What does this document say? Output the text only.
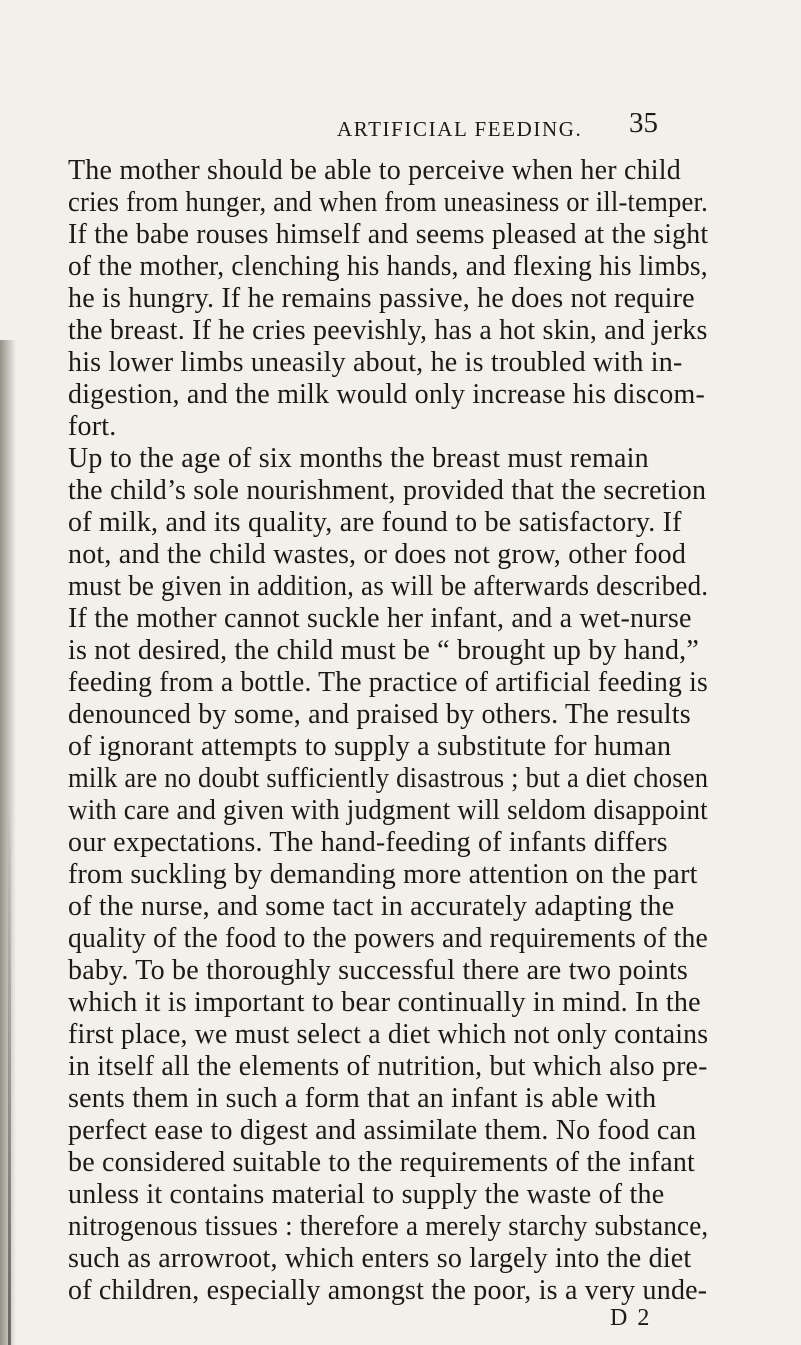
ARTIFICIAL FEEDING. 35
The mother should be able to perceive when her child
cries from hunger, and when from uneasiness or ill-temper.
If the babe rouses himself and seems pleased at the sight
of the mother, clenching his hands, and flexing his limbs,
he is hungry. If he remains passive, he does not require
the breast. If he cries peevishly, has a hot skin, and jerks
his lower limbs uneasily about, he is troubled with in-
digestion, and the milk would only increase his discom-
fort.
Up to the age of six months the breast must remain
the child’s sole nourishment, provided that the secretion
of milk, and its quality, are found to be satisfactory. If
not, and the child wastes, or does not grow, other food
must be given in addition, as will be afterwards described.
If the mother cannot suckle her infant, and a wet-nurse
is not desired, the child must be “ brought up by hand,”
feeding from a bottle. The practice of artificial feeding is
denounced by some, and praised by others. The results
of ignorant attempts to supply a substitute for human
milk are no doubt sufficiently disastrous ; but a diet chosen
with care and given with judgment will seldom disappoint
our expectations. The hand-feeding of infants differs
from suckling by demanding more attention on the part
of the nurse, and some tact in accurately adapting the
quality of the food to the powers and requirements of the
baby. To be thoroughly successful there are two points
which it is important to bear continually in mind. In the
first place, we must select a diet which not only contains
in itself all the elements of nutrition, but which also pre-
sents them in such a form that an infant is able with
perfect ease to digest and assimilate them. No food can
be considered suitable to the requirements of the infant
unless it contains material to supply the waste of the
nitrogenous tissues : therefore a merely starchy substance,
such as arrowroot, which enters so largely into the diet
of children, especially amongst the poor, is a very unde-
D 2
